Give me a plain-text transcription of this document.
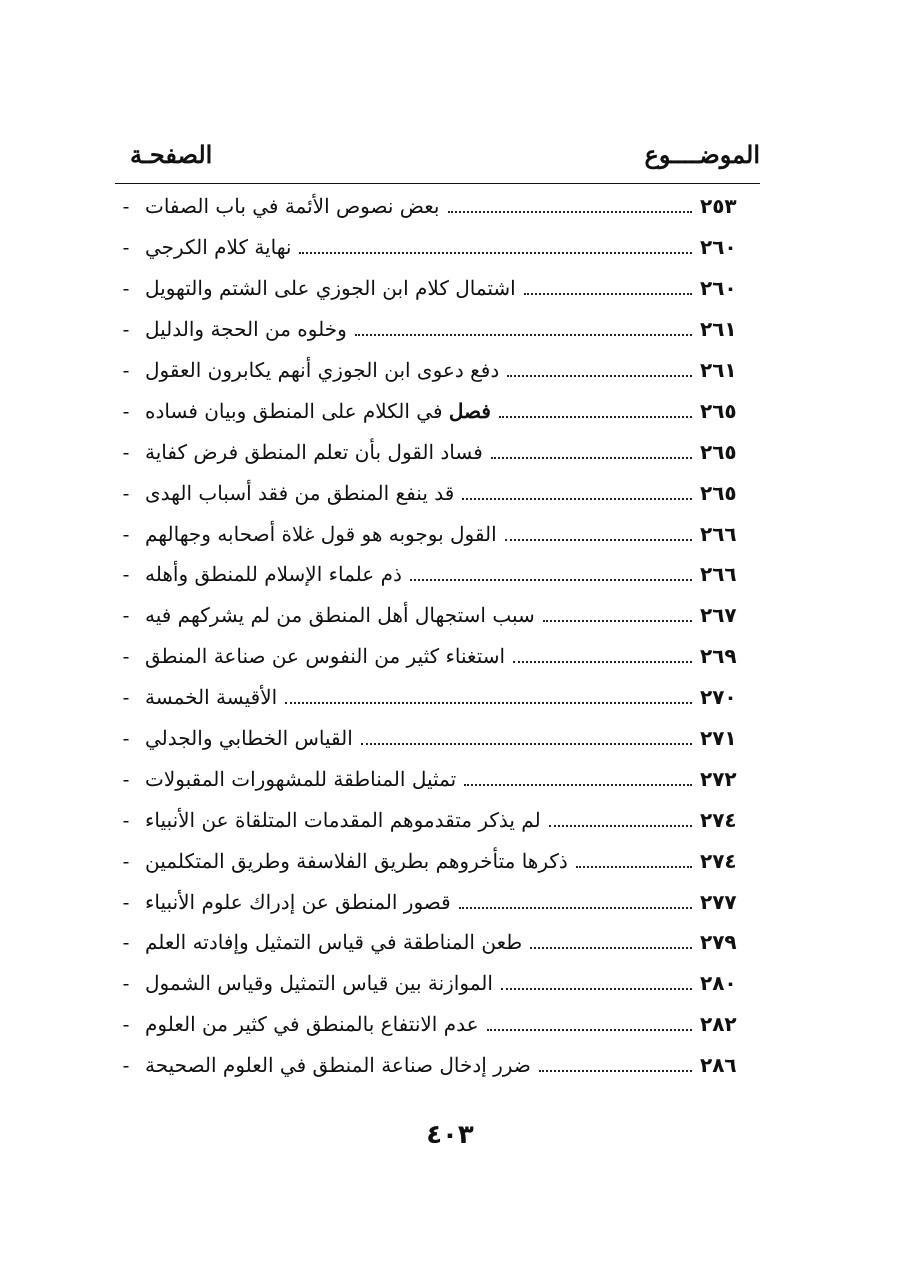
الموضــــوع
الصفحـة
- بعض نصوص الأئمة في باب الصفات	٢٥٣
- نهاية كلام الكرجي	٢٦٠
- اشتمال كلام ابن الجوزي على الشتم والتهويل	٢٦٠
- وخلوه من الحجة والدليل	٢٦١
- دفع دعوى ابن الجوزي أنهم يكابرون العقول	٢٦١
-	فصل في الكلام على المنطق وبيان فساده	٢٦٥
- فساد القول بأن تعلم المنطق فرض كفاية	٢٦٥
- قد ينفع المنطق من فقد أسباب الهدى	٢٦٥
- القول بوجوبه هو قول غلاة أصحابه وجهالهم	٢٦٦
- ذم علماء الإسلام للمنطق وأهله	٢٦٦
- سبب استجهال أهل المنطق من لم يشركهم فيه	٢٦٧
- استغناء كثير من النفوس عن صناعة المنطق	٢٦٩
- الأقيسة الخمسة	٢٧٠
- القياس الخطابي والجدلي	٢٧١
- تمثيل المناطقة للمشهورات المقبولات	٢٧٢
- لم يذكر متقدموهم المقدمات المتلقاة عن الأنبياء	٢٧٤
- ذكرها متأخروهم بطريق الفلاسفة وطريق المتكلمين	٢٧٤
- قصور المنطق عن إدراك علوم الأنبياء	٢٧٧
- طعن المناطقة في قياس التمثيل وإفادته العلم	٢٧٩
- الموازنة بين قياس التمثيل وقياس الشمول	٢٨٠
- عدم الانتفاع بالمنطق في كثير من العلوم	٢٨٢
- ضرر إدخال صناعة المنطق في العلوم الصحيحة	٢٨٦
٤٠٣
